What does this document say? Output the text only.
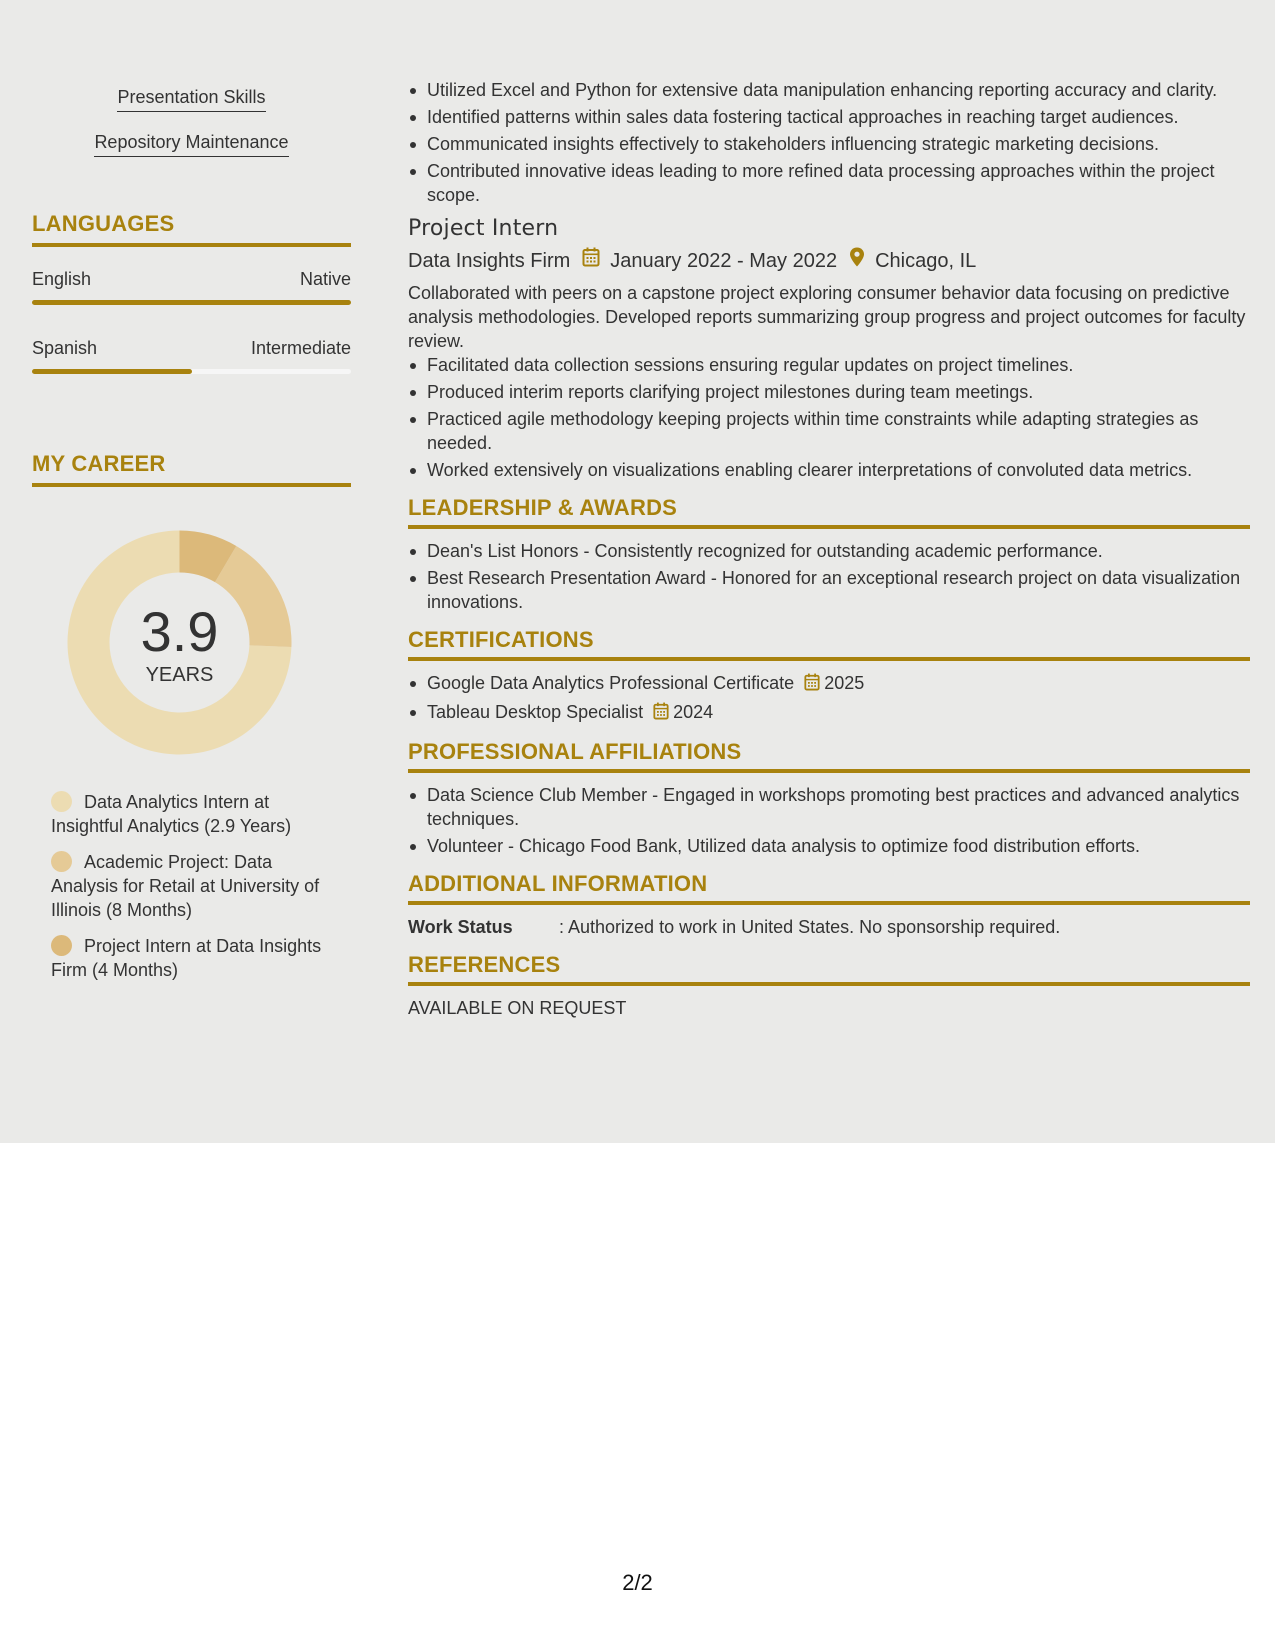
Presentation Skills
Repository Maintenance
LANGUAGES
English	Native
Spanish	Intermediate
MY CAREER
3.9
YEARS
Data Analytics Intern at Insightful Analytics (2.9 Years)
Academic Project: Data Analysis for Retail at University of Illinois (8 Months)
Project Intern at Data Insights Firm (4 Months)
Utilized Excel and Python for extensive data manipulation enhancing reporting accuracy and clarity.
Identified patterns within sales data fostering tactical approaches in reaching target audiences.
Communicated insights effectively to stakeholders influencing strategic marketing decisions.
Contributed innovative ideas leading to more refined data processing approaches within the project scope.
Project Intern
Data Insights Firm January 2022 - May 2022 Chicago, IL
Collaborated with peers on a capstone project exploring consumer behavior data focusing on predictive analysis methodologies. Developed reports summarizing group progress and project outcomes for faculty review.
Facilitated data collection sessions ensuring regular updates on project timelines.
Produced interim reports clarifying project milestones during team meetings.
Practiced agile methodology keeping projects within time constraints while adapting strategies as needed.
Worked extensively on visualizations enabling clearer interpretations of convoluted data metrics.
LEADERSHIP & AWARDS
Dean's List Honors - Consistently recognized for outstanding academic performance.
Best Research Presentation Award - Honored for an exceptional research project on data visualization innovations.
CERTIFICATIONS
Google Data Analytics Professional Certificate 2025
Tableau Desktop Specialist 2024
PROFESSIONAL AFFILIATIONS
Data Science Club Member - Engaged in workshops promoting best practices and advanced analytics techniques.
Volunteer - Chicago Food Bank, Utilized data analysis to optimize food distribution efforts.
ADDITIONAL INFORMATION
Work Status	: Authorized to work in United States. No sponsorship required.
REFERENCES
AVAILABLE ON REQUEST
2/2
